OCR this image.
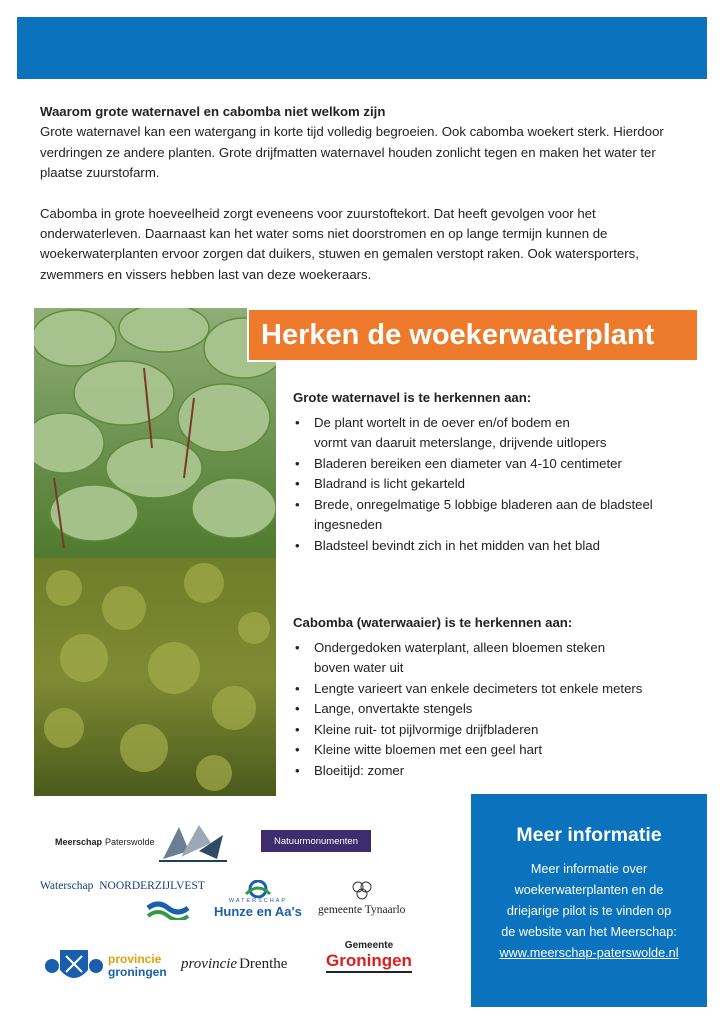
Waarom grote waternavel en cabomba niet welkom zijn

Grote waternavel kan een watergang in korte tijd volledig begroeien. Ook cabomba woekert sterk. Hierdoor verdringen ze andere planten. Grote drijfmatten waternavel houden zonlicht tegen en maken het water ter plaatse zuurstofarm.

Cabomba in grote hoeveelheid zorgt eveneens voor zuurstoftekort. Dat heeft gevolgen voor het onderwaterleven. Daarnaast kan het water soms niet doorstromen en op lange termijn kunnen de woekerwaterplanten ervoor zorgen dat duikers, stuwen en gemalen verstopt raken. Ook watersporters, zwemmers en vissers hebben last van deze woekeraars.

Herken de woekerwaterplant
Grote waternavel is te herkennen aan:
• De plant wortelt in de oever en/of bodem en
vormt van daaruit meterslange, drijvende uitlopers
• Bladeren bereiken een diameter van 4-10 centimeter
• Bladrand is licht gekarteld
• Brede, onregelmatige 5 lobbige bladeren aan de bladsteel
ingesneden
• Bladsteel bevindt zich in het midden van het blad
Cabomba (waterwaaier) is te herkennen aan:
• Ondergedoken waterplant, alleen bloemen steken
boven water uit
• Lengte varieert van enkele decimeters tot enkele meters
• Lange, onvertakte stengels
• Kleine ruit- tot pijlvormige drijfbladeren
• Kleine witte bloemen met een geel hart
• Bloeitijd: zomer
Meer informatie
Meer informatie over
woekerwaterplanten en de
driejarige pilot is te vinden op
de website van het Meerschap:
www.meerschap-paterswolde.nl
Meerschap Paterswolde	Natuurmonumenten
Waterschap NOORDERZIJLVEST
WATERSCHAP
Hunze en Aa's gemeente Tynaarlo
provincie
groningen provincie Drenthe
Gemeente
Groningen
